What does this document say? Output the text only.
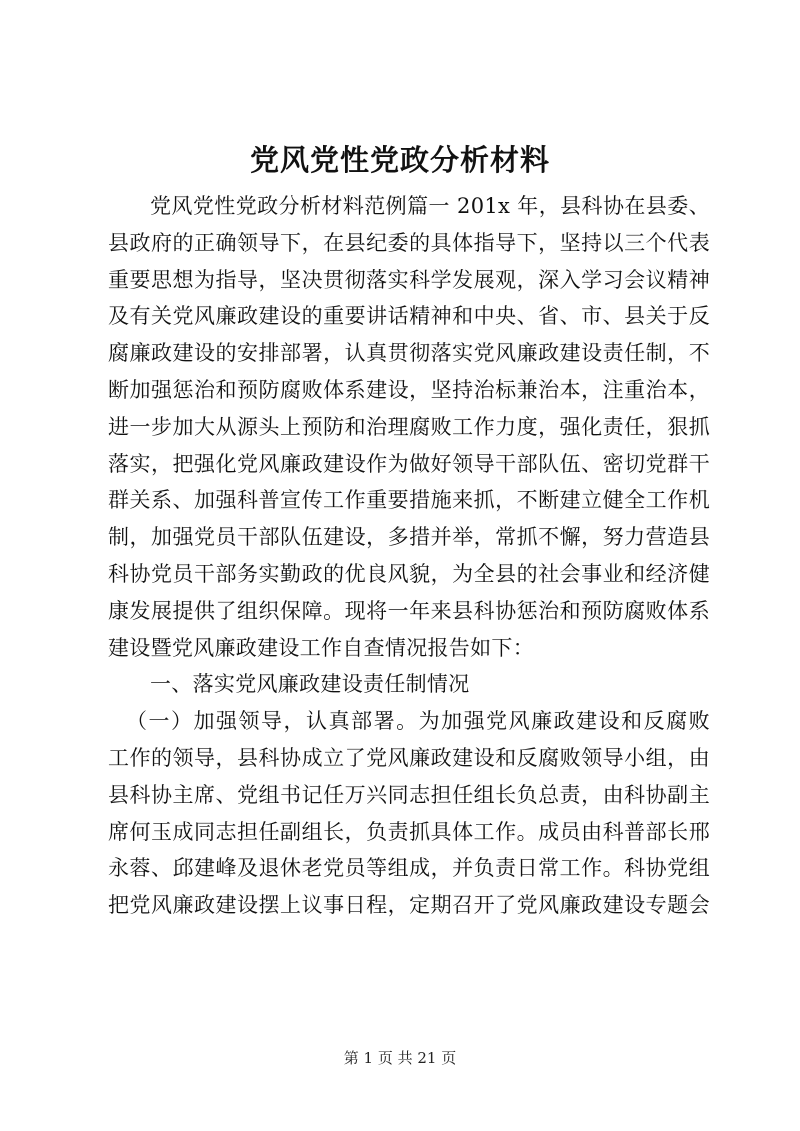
党风党性党政分析材料
党风党性党政分析材料范例篇一 201x 年，县科协在县委、
县政府的正确领导下，在县纪委的具体指导下，坚持以三个代表
重要思想为指导，坚决贯彻落实科学发展观，深入学习会议精神
及有关党风廉政建设的重要讲话精神和中央、省、市、县关于反
腐廉政建设的安排部署，认真贯彻落实党风廉政建设责任制，不
断加强惩治和预防腐败体系建设，坚持治标兼治本，注重治本，
进一步加大从源头上预防和治理腐败工作力度，强化责任，狠抓
落实，把强化党风廉政建设作为做好领导干部队伍、密切党群干
群关系、加强科普宣传工作重要措施来抓，不断建立健全工作机
制，加强党员干部队伍建设，多措并举，常抓不懈，努力营造县
科协党员干部务实勤政的优良风貌，为全县的社会事业和经济健
康发展提供了组织保障。现将一年来县科协惩治和预防腐败体系
建设暨党风廉政建设工作自查情况报告如下：
一、落实党风廉政建设责任制情况
（一）加强领导，认真部署。为加强党风廉政建设和反腐败
工作的领导，县科协成立了党风廉政建设和反腐败领导小组，由
县科协主席、党组书记任万兴同志担任组长负总责，由科协副主
席何玉成同志担任副组长，负责抓具体工作。成员由科普部长邢
永蓉、邱建峰及退休老党员等组成，并负责日常工作。科协党组
把党风廉政建设摆上议事日程，定期召开了党风廉政建设专题会
第 1 页 共 21 页
